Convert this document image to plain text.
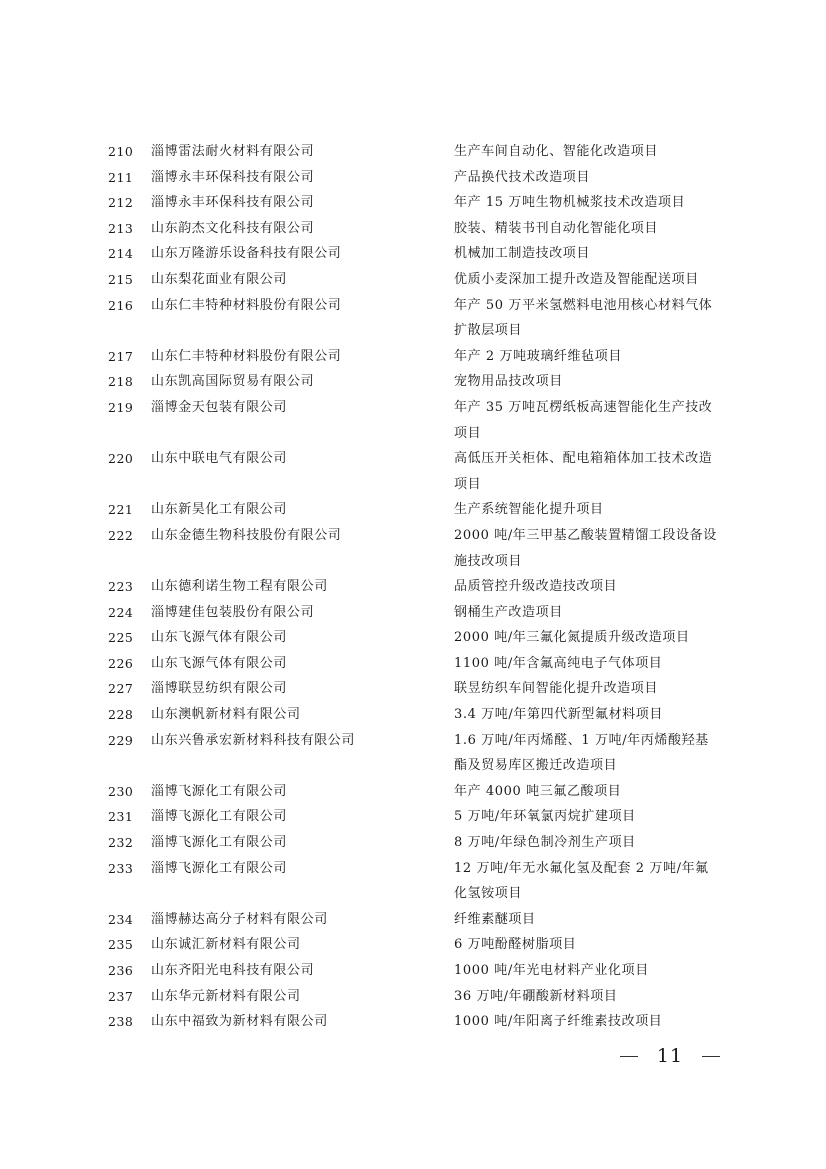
210	淄博雷法耐火材料有限公司	生产车间自动化、智能化改造项目
211	淄博永丰环保科技有限公司	产品换代技术改造项目
212	淄博永丰环保科技有限公司	年产 15 万吨生物机械浆技术改造项目
213	山东韵杰文化科技有限公司	胶装、精装书刊自动化智能化项目
214	山东万隆游乐设备科技有限公司	机械加工制造技改项目
215	山东梨花面业有限公司	优质小麦深加工提升改造及智能配送项目
216	山东仁丰特种材料股份有限公司	年产 50 万平米氢燃料电池用核心材料气体扩散层项目
217	山东仁丰特种材料股份有限公司	年产 2 万吨玻璃纤维毡项目
218	山东凯高国际贸易有限公司	宠物用品技改项目
219	淄博金天包装有限公司	年产 35 万吨瓦楞纸板高速智能化生产技改项目
220	山东中联电气有限公司	高低压开关柜体、配电箱箱体加工技术改造项目
221	山东新昊化工有限公司	生产系统智能化提升项目
222	山东金德生物科技股份有限公司	2000 吨/年三甲基乙酸装置精馏工段设备设施技改项目
223	山东德利诺生物工程有限公司	品质管控升级改造技改项目
224	淄博建佳包装股份有限公司	钢桶生产改造项目
225	山东飞源气体有限公司	2000 吨/年三氟化氮提质升级改造项目
226	山东飞源气体有限公司	1100 吨/年含氟高纯电子气体项目
227	淄博联昱纺织有限公司	联昱纺织车间智能化提升改造项目
228	山东澳帆新材料有限公司	3.4 万吨/年第四代新型氟材料项目
229	山东兴鲁承宏新材料科技有限公司	1.6 万吨/年丙烯醛、1 万吨/年丙烯酸羟基酯及贸易库区搬迁改造项目
230	淄博飞源化工有限公司	年产 4000 吨三氟乙酸项目
231	淄博飞源化工有限公司	5 万吨/年环氧氯丙烷扩建项目
232	淄博飞源化工有限公司	8 万吨/年绿色制冷剂生产项目
233	淄博飞源化工有限公司	12 万吨/年无水氟化氢及配套 2 万吨/年氟化氢铵项目
234	淄博赫达高分子材料有限公司	纤维素醚项目
235	山东诚汇新材料有限公司	6 万吨酚醛树脂项目
236	山东齐阳光电科技有限公司	1000 吨/年光电材料产业化项目
237	山东华元新材料有限公司	36 万吨/年硼酸新材料项目
238	山东中福致为新材料有限公司	1000 吨/年阳离子纤维素技改项目
11
